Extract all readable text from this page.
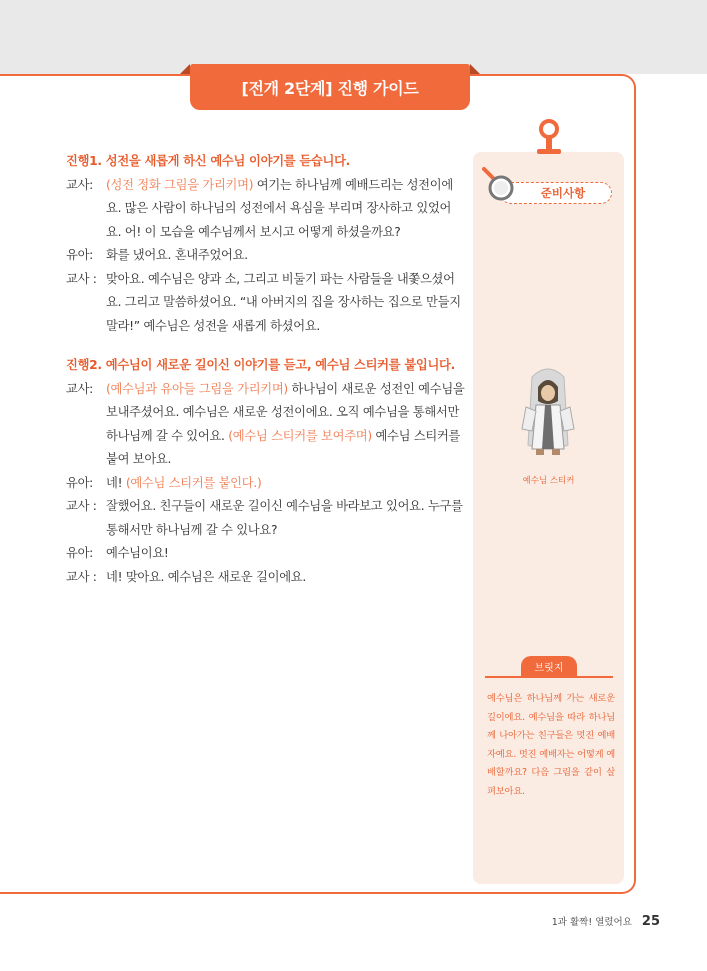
[전개 2단계] 진행 가이드

진행1. 성전을 새롭게 하신 예수님 이야기를 듣습니다.

교사:	(성전 정화 그림을 가리키며) 여기는 하나님께 예배드리는 성전이에요. 많은 사람이 하나님의 성전에서 욕심을 부리며 장사하고 있었어요. 어! 이 모습을 예수님께서 보시고 어떻게 하셨을까요?
유아:	화를 냈어요. 혼내주었어요.
교사 : 맞아요. 예수님은 양과 소, 그리고 비둘기 파는 사람들을 내쫓으셨어요. 그리고 말씀하셨어요. “내 아버지의 집을 장사하는 집으로 만들지 말라!” 예수님은 성전을 새롭게 하셨어요.

진행2. 예수님이 새로운 길이신 이야기를 듣고, 예수님 스티커를 붙입니다.

교사:	(예수님과 유아들 그림을 가리키며) 하나님이 새로운 성전인 예수님을 보내주셨어요. 예수님은 새로운 성전이에요. 오직 예수님을 통해서만 하나님께 갈 수 있어요. (예수님 스티커를 보여주며) 예수님 스티커를 붙여 보아요.
유아:	네! (예수님 스티커를 붙인다.)
교사 : 잘했어요. 친구들이 새로운 길이신 예수님을 바라보고 있어요. 누구를 통해서만 하나님께 갈 수 있나요?
유아:	예수님이요!
교사 : 네! 맞아요. 예수님은 새로운 길이에요.
준비사항
예수님 스티커
브릿지
예수님은 하나님께 가는 새로운 길이에요. 예수님을 따라 하나님께 나아가는 친구들은 멋진 예배자예요. 멋진 예배자는 어떻게 예배할까요? 다음 그림을 같이 살펴보아요.
1과 활짝! 열렸어요 25
